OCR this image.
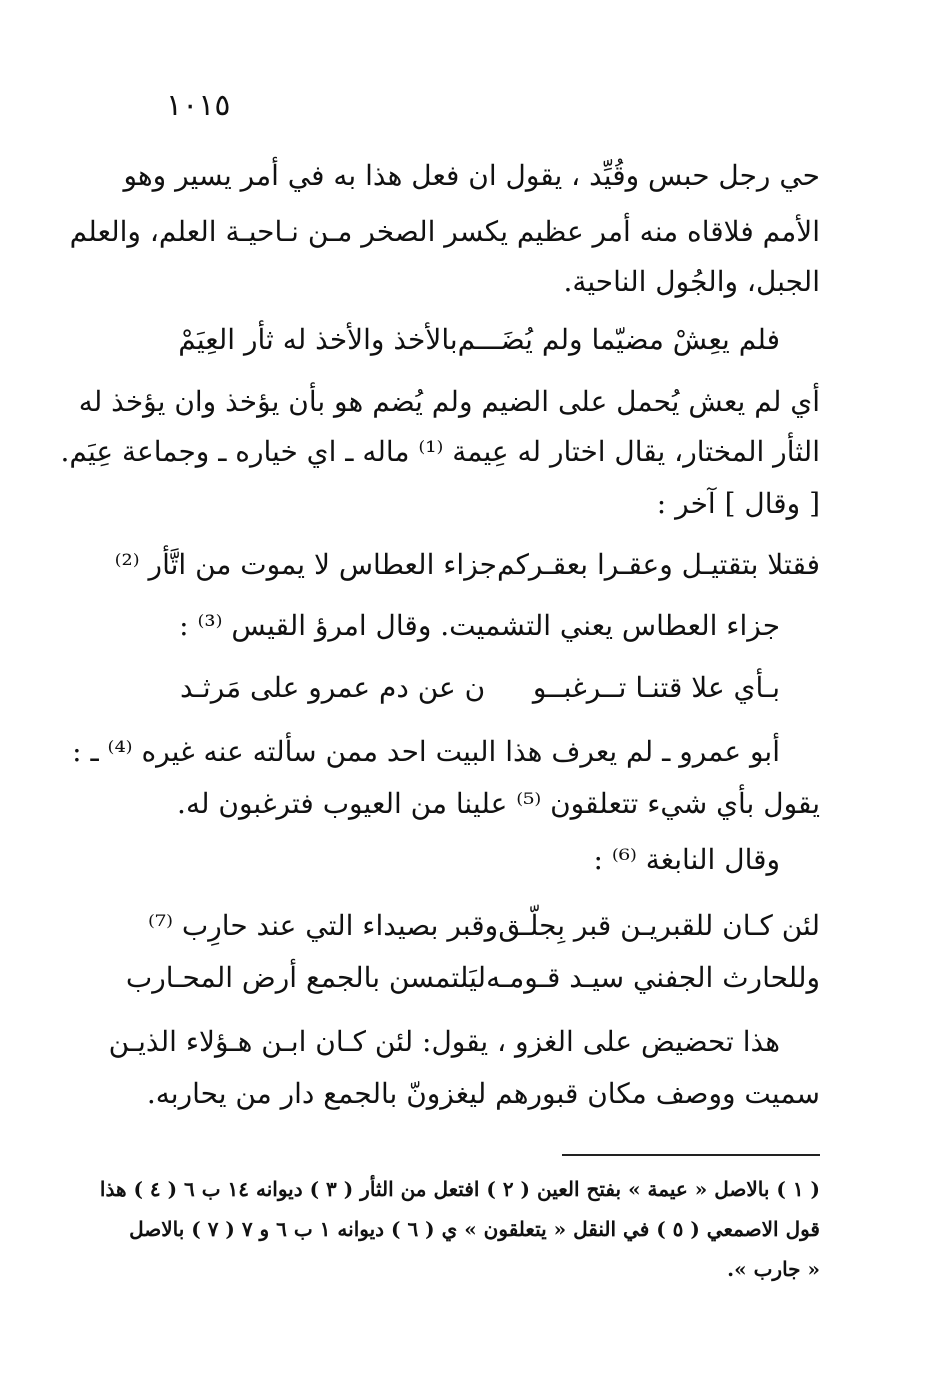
١٠١٥
حي رجل حبس وقُيِّد ، يقول ان فعل هذا به في أمر يسير وهو
الأمم فلاقاه منه أمر عظيم يكسر الصخر مـن نـاحيـة العلم، والعلم
الجبل، والجُول الناحية.
فلم يعِشْ مضيّما ولم يُضَـــم
بالأخذ والأخذ له ثأر العِيَمْ
أي لم يعش يُحمل على الضيم ولم يُضم هو بأن يؤخذ وان يؤخذ له
الثأر المختار، يقال اختار له عِيمة ⁽¹⁾ ماله ـ اي خياره ـ وجماعة عِيَم.
[ وقال ] آخر :
فقتلا بتقتيـل وعقـرا بعقـركم
جزاء العطاس لا يموت من اتَّأر ⁽²⁾
جزاء العطاس يعني التشميت. وقال امرؤ القيس ⁽³⁾ :
بـأي علا قتنـا تــرغبــو
ن عن دم عمرو على مَرثـد
أبو عمرو ـ لم يعرف هذا البيت احد ممن سألته عنه غيره ⁽⁴⁾ ـ :
يقول بأي شيء تتعلقون ⁽⁵⁾ علينا من العيوب فترغبون له.
وقال النابغة ⁽⁶⁾ :
لئن كـان للقبريـن قبر بِجلّـق
وقبر بصيداء التي عند حارِب ⁽⁷⁾
وللحارث الجفني سيـد قـومـه
ليَلتمسن بالجمع أرض المحـارب
هذا تحضيض على الغزو ، يقول: لئن كـان ابـن هـؤلاء الذيـن
سميت ووصف مكان قبورهم ليغزونّ بالجمع دار من يحاربه.
( ١ ) بالاصل « عيمة » بفتح العين ( ٢ ) افتعل من الثأر ( ٣ ) ديوانه ١٤ ب ٦ ( ٤ ) هذا
قول الاصمعي ( ٥ ) في النقل « يتعلقون » ي ( ٦ ) ديوانه ١ ب ٦ و ٧ ( ٧ ) بالاصل
« جارب ».
